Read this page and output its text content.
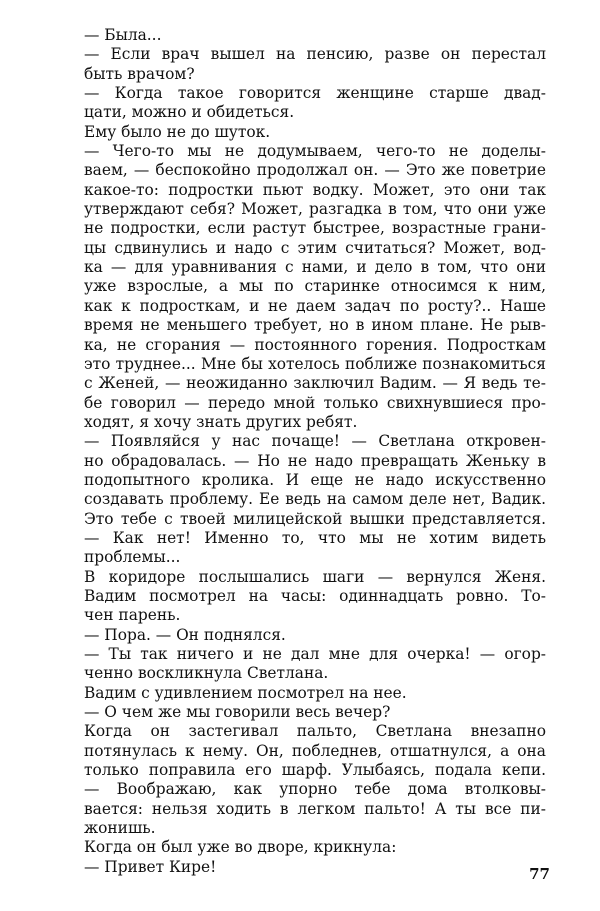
— Была...
— Если врач вышел на пенсию, разве он перестал
быть врачом?
— Когда такое говорится женщине старше двад-
цати, можно и обидеться.
Ему было не до шуток.
— Чего-то мы не додумываем, чего-то не доделы-
ваем, — беспокойно продолжал он. — Это же поветрие
какое-то: подростки пьют водку. Может, это они так
утверждают себя? Может, разгадка в том, что они уже
не подростки, если растут быстрее, возрастные грани-
цы сдвинулись и надо с этим считаться? Может, вод-
ка — для уравнивания с нами, и дело в том, что они
уже взрослые, а мы по старинке относимся к ним,
как к подросткам, и не даем задач по росту?.. Наше
время не меньшего требует, но в ином плане. Не рыв-
ка, не сгорания — постоянного горения. Подросткам
это труднее... Мне бы хотелось поближе познакомиться
с Женей, — неожиданно заключил Вадим. — Я ведь те-
бе говорил — передо мной только свихнувшиеся про-
ходят, я хочу знать других ребят.
— Появляйся у нас почаще! — Светлана откровен-
но обрадовалась. — Но не надо превращать Женьку в
подопытного кролика. И еще не надо искусственно
создавать проблему. Ее ведь на самом деле нет, Вадик.
Это тебе с твоей милицейской вышки представляется.
— Как нет! Именно то, что мы не хотим видеть
проблемы...
В коридоре послышались шаги — вернулся Женя.
Вадим посмотрел на часы: одиннадцать ровно. То-
чен парень.
— Пора. — Он поднялся.
— Ты так ничего и не дал мне для очерка! — огор-
ченно воскликнула Светлана.
Вадим с удивлением посмотрел на нее.
— О чем же мы говорили весь вечер?
Когда он застегивал пальто, Светлана внезапно
потянулась к нему. Он, побледнев, отшатнулся, а она
только поправила его шарф. Улыбаясь, подала кепи.
— Воображаю, как упорно тебе дома втолковы-
вается: нельзя ходить в легком пальто! А ты все пи-
жонишь.
Когда он был уже во дворе, крикнула:
— Привет Кире!	77
